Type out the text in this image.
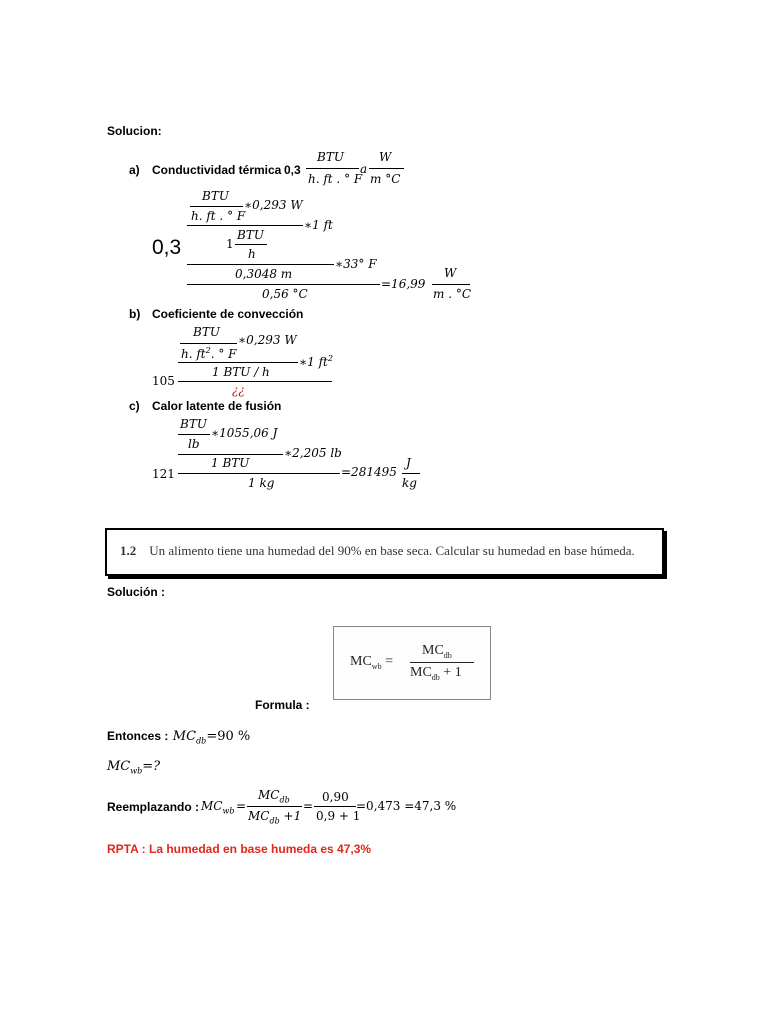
Solucion:
a) Conductividad térmica 0,3
BTU
h. ft . ° F
a
W
m °C
BTU
h. ft . ° F
∗0,293 W
∗1 ft
1
BTU
h
0,3
∗33° F
0,3048 m
0,56 °C
=16,99
W
m . °C
b) Coeficiente de convección
BTU
h. $ft^2$. ° F
∗0,293 W
∗1 $ft^2$
1 BTU / h
105
¿¿
c) Calor latente de fusión
BTU
lb
∗1055,06 J
∗2,205 lb
1 BTU
121
1 kg
=281495
J
kg
1.2 Un alimento tiene una humedad del 90% en base seca. Calcular su humedad en base húmeda.
Solución :
$MC_{wb}$ =
$MC_{db}$
$MC_{db} + 1$
Formula :
Entonces : $MC_{db}=90$ %
$MC_{wb}=$?
Reemplazando : $MC_{wb}$ =
$MC_{db}$
$MC_{db} +1$
=
0,90
0,9 + 1
=0,473 =47,3 %
RPTA : La humedad en base humeda es 47,3%
